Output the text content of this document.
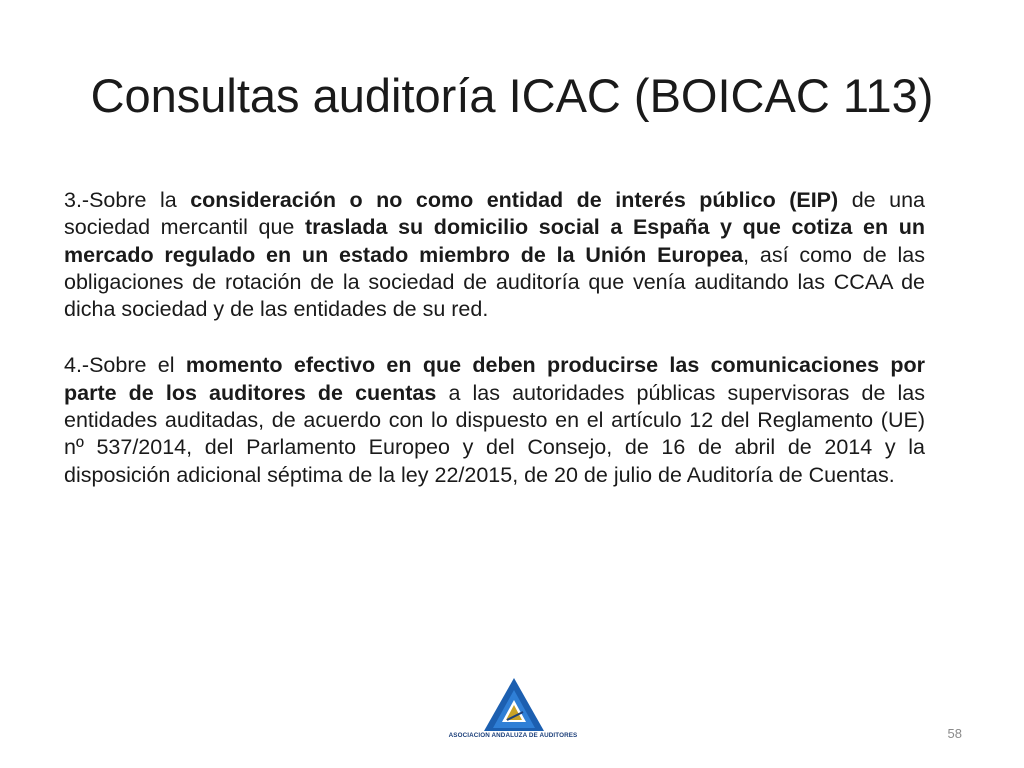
Consultas auditoría ICAC (BOICAC 113)

3.-Sobre la consideración o no como entidad de interés público (EIP) de una sociedad mercantil que traslada su domicilio social a España y que cotiza en un mercado regulado en un estado miembro de la Unión Europea, así como de las obligaciones de rotación de la sociedad de auditoría que venía auditando las CCAA de dicha sociedad y de las entidades de su red.

4.-Sobre el momento efectivo en que deben producirse las comunicaciones por parte de los auditores de cuentas a las autoridades públicas supervisoras de las entidades auditadas, de acuerdo con lo dispuesto en el artículo 12 del Reglamento (UE) nº 537/2014, del Parlamento Europeo y del Consejo, de 16 de abril de 2014 y la disposición adicional séptima de la ley 22/2015, de 20 de julio de Auditoría de Cuentas.

ASOCIACION ANDALUZA DE AUDITORES	58
